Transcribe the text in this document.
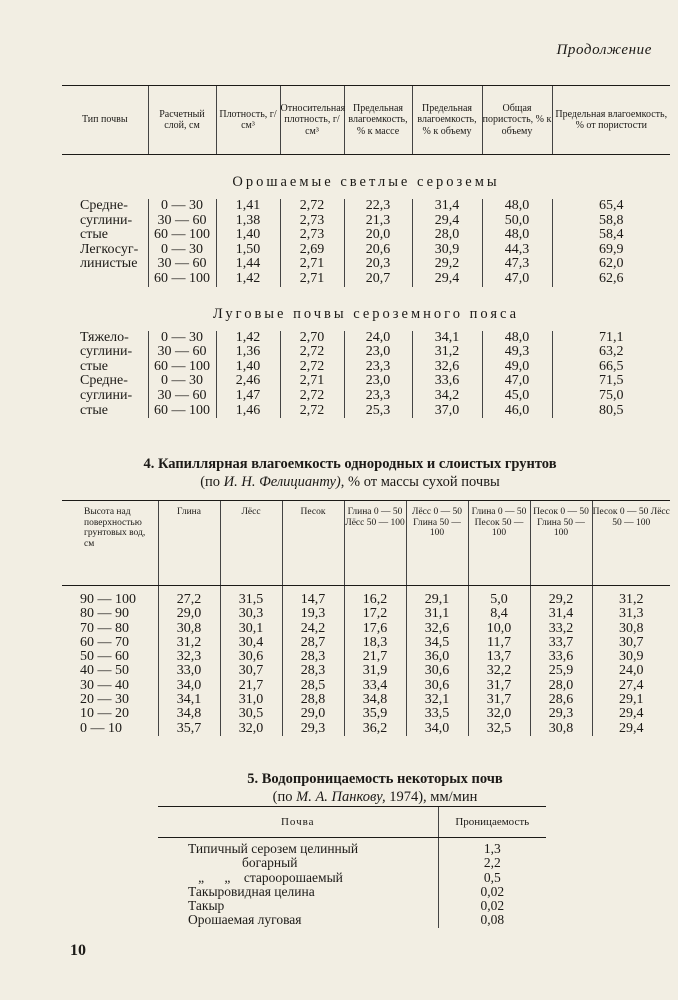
Продолжение
Тип почвы	Расчетный слой, см	Плотность, г/см³	Относительная плотность, г/см³	Предельная влагоемкость, % к массе	Предельная влагоемкость, % к объему	Общая пористость, % к объему	Предельная влагоемкость, % от пористости
Орошаемые светлые сероземы							
Средне-	0 — 30	1,41	2,72	22,3	31,4	48,0	65,4
суглини-	30 — 60	1,38	2,73	21,3	29,4	50,0	58,8
стые	60 — 100	1,40	2,73	20,0	28,0	48,0	58,4
Легкосуг-	0 — 30	1,50	2,69	20,6	30,9	44,3	69,9
линистые	30 — 60	1,44	2,71	20,3	29,2	47,3	62,0
	60 — 100	1,42	2,71	20,7	29,4	47,0	62,6
Луговые почвы сероземного пояса							
Тяжело-	0 — 30	1,42	2,70	24,0	34,1	48,0	71,1
суглини-	30 — 60	1,36	2,72	23,0	31,2	49,3	63,2
стые	60 — 100	1,40	2,72	23,3	32,6	49,0	66,5
Средне-	0 — 30	2,46	2,71	23,0	33,6	47,0	71,5
суглини-	30 — 60	1,47	2,72	23,3	34,2	45,0	75,0
стые	60 — 100	1,46	2,72	25,3	37,0	46,0	80,5
4. Капиллярная влагоемкость однородных и слоистых грунтов
(по И. Н. Фелицианту), % от массы сухой почвы
Высота над поверхностью грунтовых вод, см	Глина	Лёсс	Песок	Глина 0 — 50 Лёсс 50 — 100	Лёсс 0 — 50 Глина 50 — 100	Глина 0 — 50 Песок 50 — 100	Песок 0 — 50 Глина 50 — 100	Песок 0 — 50 Лёсс 50 — 100
90 — 100	27,2	31,5	14,7	16,2	29,1	5,0	29,2	31,2
80 — 90	29,0	30,3	19,3	17,2	31,1	8,4	31,4	31,3
70 — 80	30,8	30,1	24,2	17,6	32,6	10,0	33,2	30,8
60 — 70	31,2	30,4	28,7	18,3	34,5	11,7	33,7	30,7
50 — 60	32,3	30,6	28,3	21,7	36,0	13,7	33,6	30,9
40 — 50	33,0	30,7	28,3	31,9	30,6	32,2	25,9	24,0
30 — 40	34,0	21,7	28,5	33,4	30,6	31,7	28,0	27,4
20 — 30	34,1	31,0	28,8	34,8	32,1	31,7	28,6	29,1
10 — 20	34,8	30,5	29,0	35,9	33,5	32,0	29,3	29,4
0 — 10	35,7	32,0	29,3	36,2	34,0	32,5	30,8	29,4
5. Водопроницаемость некоторых почв
(по М. А. Панкову, 1974), мм/мин
Почва	Проницаемость
Типичный серозем целинный	1,3
богарный	2,2
„      „    староорошаемый	0,5
Такыровидная целина	0,02
Такыр	0,02
Орошаемая луговая	0,08
10
